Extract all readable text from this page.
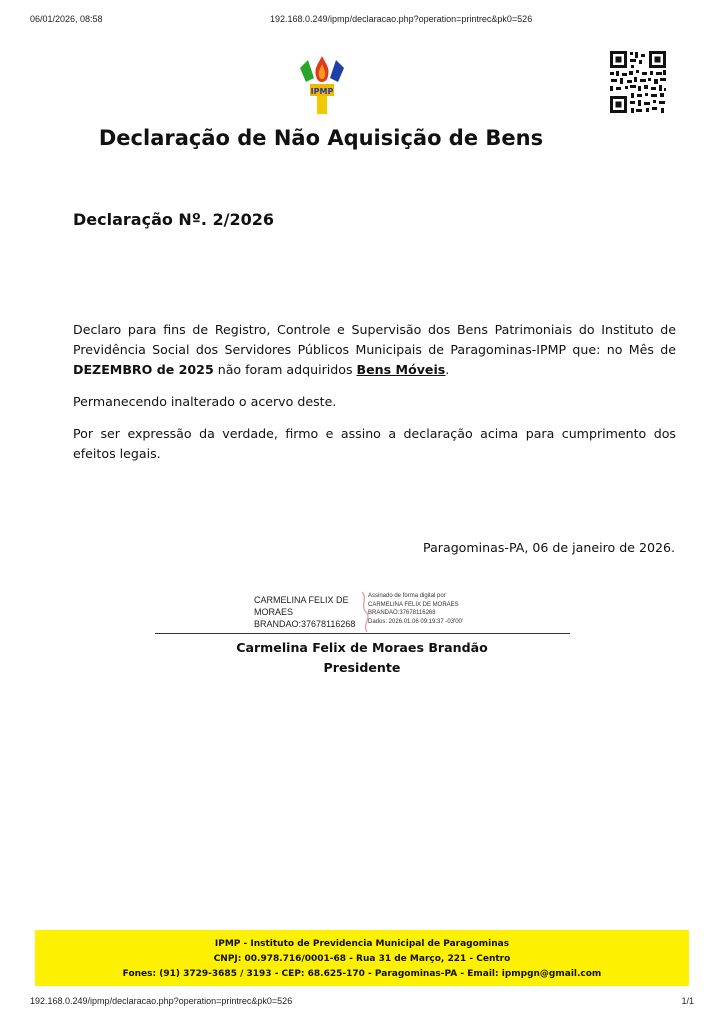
06/01/2026, 08:58	192.168.0.249/ipmp/declaracao.php?operation=printrec&pk0=526
IPMP
Declaração de Não Aquisição de Bens
Declaração Nº. 2/2026
Declaro para fins de Registro, Controle e Supervisão dos Bens Patrimoniais do Instituto de Previdência Social dos Servidores Públicos Municipais de Paragominas-IPMP que: no Mês de DEZEMBRO de 2025 não foram adquiridos Bens Móveis.
Permanecendo inalterado o acervo deste.
Por ser expressão da verdade, firmo e assino a declaração acima para cumprimento dos efeitos legais.
Paragominas-PA, 06 de janeiro de 2026.
CARMELINA FELIX DE
MORAES
BRANDAO:37678116268
Assinado de forma digital por
CARMELINA FELIX DE MORAES
BRANDAO:37678116268
Dados: 2026.01.06 09:19:37 -03'00'
Carmelina Felix de Moraes Brandão
Presidente
IPMP - Instituto de Previdencia Municipal de Paragominas
CNPJ: 00.978.716/0001-68 - Rua 31 de Março, 221 - Centro
Fones: (91) 3729-3685 / 3193 - CEP: 68.625-170 - Paragominas-PA - Email: ipmpgn@gmail.com
192.168.0.249/ipmp/declaracao.php?operation=printrec&pk0=526	1/1
